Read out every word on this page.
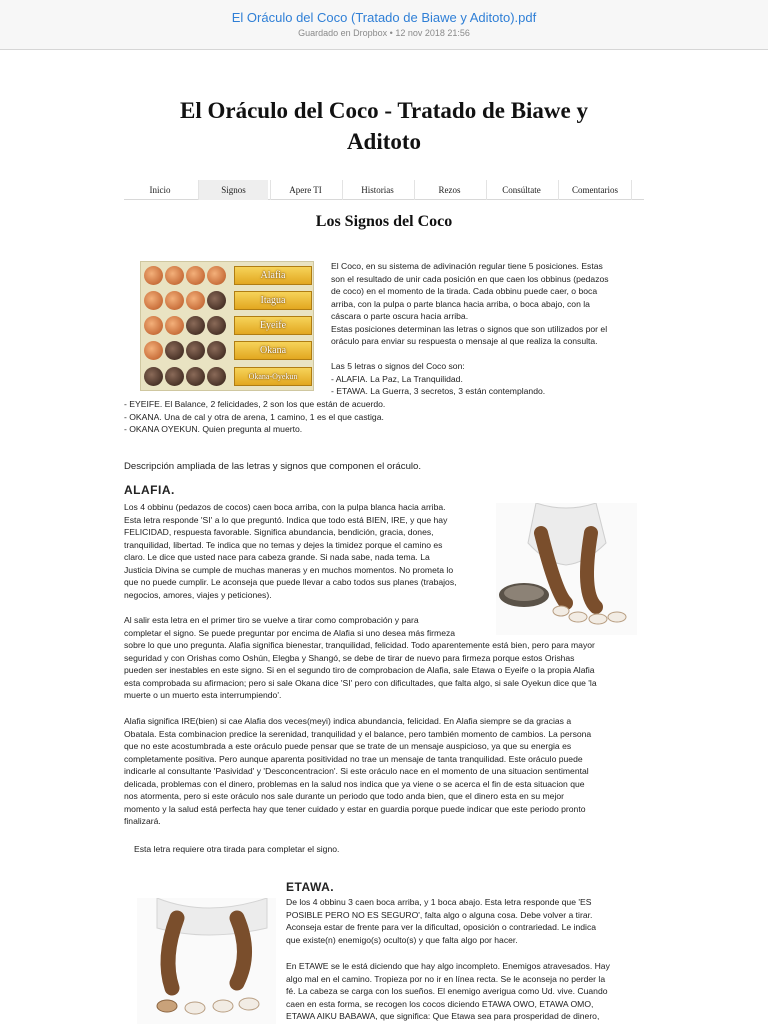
El Oráculo del Coco (Tratado de Biawe y Aditoto).pdf
Guardado en Dropbox • 12 nov 2018 21:56
El Oráculo del Coco - Tratado de Biawe y
Aditoto
Inicio	Signos	Apere TI	Historias	Rezos	Consúltate	Comentarios
Los Signos del Coco
Alafia
Itagua
Eyeife
Okana
Okana-Oyekun
El Coco, en su sistema de adivinación regular tiene 5 posiciones. Estas
son el resultado de unir cada posición en que caen los obbinus (pedazos
de coco) en el momento de la tirada. Cada obbinu puede caer, o boca
arriba, con la pulpa o parte blanca hacia arriba, o boca abajo, con la
cáscara o parte oscura hacia arriba.
Estas posiciones determinan las letras o signos que son utilizados por el
oráculo para enviar su respuesta o mensaje al que realiza la consulta.
Las 5 letras o signos del Coco son:
- ALAFIA. La Paz, La Tranquilidad.
- ETAWA. La Guerra, 3 secretos, 3 están contemplando.
- EYEIFE. El Balance, 2 felicidades, 2 son los que están de acuerdo.
- OKANA. Una de cal y otra de arena, 1 camino, 1 es el que castiga.
- OKANA OYEKUN. Quien pregunta al muerto.
Descripción ampliada de las letras y signos que componen el oráculo.
ALAFIA.
Los 4 obbinu (pedazos de cocos) caen boca arriba, con la pulpa blanca hacia arriba.
Esta letra responde 'SI' a lo que preguntó. Indica que todo está BIEN, IRE, y que hay
FELICIDAD, respuesta favorable. Significa abundancia, bendición, gracia, dones,
tranquilidad, libertad. Te indica que no temas y dejes la timidez porque el camino es
claro. Le dice que usted nace para cabeza grande. Si nada sabe, nada tema. La
Justicia Divina se cumple de muchas maneras y en muchos momentos. No prometa lo
que no puede cumplir. Le aconseja que puede llevar a cabo todos sus planes (trabajos,
negocios, amores, viajes y peticiones).
Al salir esta letra en el primer tiro se vuelve a tirar como comprobación y para
completar el signo. Se puede preguntar por encima de Alafia si uno desea más firmeza
sobre lo que uno pregunta. Alafia significa bienestar, tranquilidad, felicidad. Todo aparentemente está bien, pero para mayor
seguridad y con Orishas como Oshún, Elegba y Shangó, se debe de tirar de nuevo para firmeza porque estos Orishas
pueden ser inestables en este signo. Si en el segundo tiro de comprobacion de Alafia, sale Etawa o Eyeife o la propia Alafia
esta comprobada su afirmacion; pero si sale Okana dice 'SI' pero con dificultades, que falta algo, si sale Oyekun dice que 'la
muerte o un muerto esta interrumpiendo'.
Alafia significa IRE(bien) si cae Alafia dos veces(meyi) indica abundancia, felicidad. En Alafia siempre se da gracias a
Obatala. Esta combinacion predice la serenidad, tranquilidad y el balance, pero también momento de cambios. La persona
que no este acostumbrada a este oráculo puede pensar que se trate de un mensaje auspicioso, ya que su energia es
completamente positiva. Pero aunque aparenta positividad no trae un mensaje de tanta tranquilidad. Este oráculo puede
indicarle al consultante 'Pasividad' y 'Desconcentracion'. Si este oráculo nace en el momento de una situacion sentimental
delicada, problemas con el dinero, problemas en la salud nos indica que ya viene o se acerca el fin de esta situacion que
nos atormenta, pero si este oráculo nos sale durante un periodo que todo anda bien, que el dinero esta en su mejor
momento y la salud está perfecta hay que tener cuidado y estar en guardia porque puede indicar que este periodo pronto
finalizará.
Esta letra requiere otra tirada para completar el signo.
ETAWA.
De los 4 obbinu 3 caen boca arriba, y 1 boca abajo. Esta letra responde que 'ES
POSIBLE PERO NO ES SEGURO', falta algo o alguna cosa. Debe volver a tirar.
Aconseja estar de frente para ver la dificultad, oposición o contrariedad. Le indica
que existe(n) enemigo(s) oculto(s) y que falta algo por hacer.
En ETAWE se le está diciendo que hay algo incompleto. Enemigos atravesados. Hay
algo mal en el camino. Tropieza por no ir en línea recta. Se le aconseja no perder la
fé. La cabeza se carga con los sueños. El enemigo averigua como Ud. vive. Cuando
caen en esta forma, se recogen los cocos diciendo ETAWA OWO, ETAWA OMO,
ETAWA AIKU BABAWA, que significa: Que Etawa sea para prosperidad de dinero,
